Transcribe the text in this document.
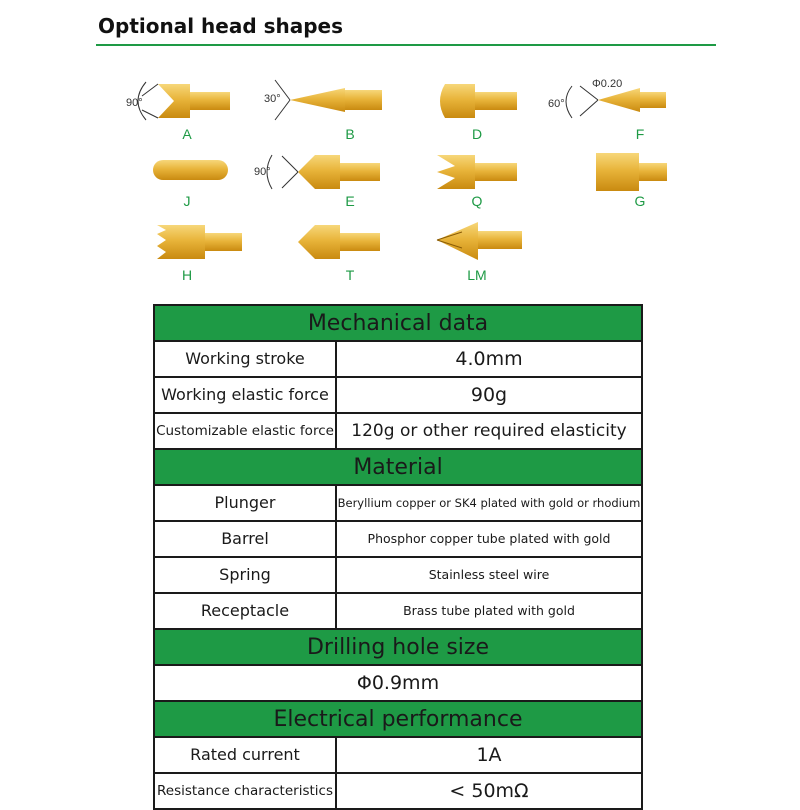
Optional head shapes
90°	30°	60°
Φ0.20
90°
A	B	D	F
J	E	Q	G
H	T	LM
Mechanical data
Working stroke	4.0mm
Working elastic force	90g
Customizable elastic force	120g or other required elasticity
Material
Plunger	Beryllium copper or SK4 plated with gold or rhodium
Barrel	Phosphor copper tube plated with gold
Spring	Stainless steel wire
Receptacle	Brass tube plated with gold
Drilling hole size
Φ0.9mm
Electrical performance
Rated current	1A
Resistance characteristics	< 50mΩ
